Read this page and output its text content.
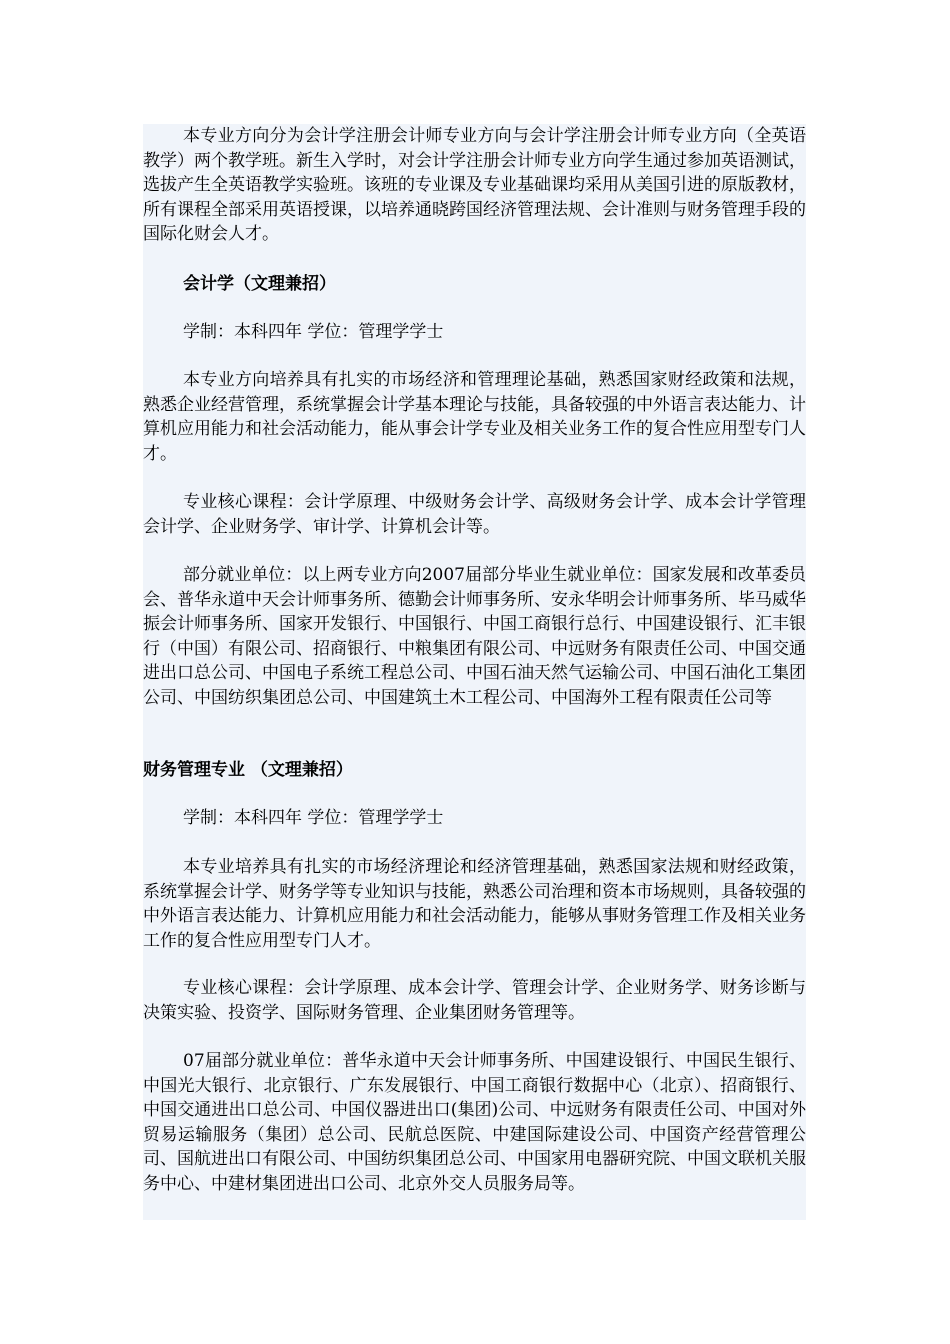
本专业方向分为会计学注册会计师专业方向与会计学注册会计师专业方向（全英语教学）两个教学班。新生入学时，对会计学注册会计师专业方向学生通过参加英语测试，选拔产生全英语教学实验班。该班的专业课及专业基础课均采用从美国引进的原版教材，所有课程全部采用英语授课，以培养通晓跨国经济管理法规、会计准则与财务管理手段的国际化财会人才。

会计学（文理兼招）

学制：本科四年 学位：管理学学士

本专业方向培养具有扎实的市场经济和管理理论基础，熟悉国家财经政策和法规，熟悉企业经营管理，系统掌握会计学基本理论与技能，具备较强的中外语言表达能力、计算机应用能力和社会活动能力，能从事会计学专业及相关业务工作的复合性应用型专门人才。

专业核心课程：会计学原理、中级财务会计学、高级财务会计学、成本会计学管理会计学、企业财务学、审计学、计算机会计等。

部分就业单位：以上两专业方向2007届部分毕业生就业单位：国家发展和改革委员会、普华永道中天会计师事务所、德勤会计师事务所、安永华明会计师事务所、毕马威华振会计师事务所、国家开发银行、中国银行、中国工商银行总行、中国建设银行、汇丰银行（中国）有限公司、招商银行、中粮集团有限公司、中远财务有限责任公司、中国交通进出口总公司、中国电子系统工程总公司、中国石油天然气运输公司、中国石油化工集团公司、中国纺织集团总公司、中国建筑土木工程公司、中国海外工程有限责任公司等

财务管理专业 （文理兼招）

学制：本科四年 学位：管理学学士

本专业培养具有扎实的市场经济理论和经济管理基础，熟悉国家法规和财经政策，系统掌握会计学、财务学等专业知识与技能，熟悉公司治理和资本市场规则，具备较强的中外语言表达能力、计算机应用能力和社会活动能力，能够从事财务管理工作及相关业务工作的复合性应用型专门人才。

专业核心课程：会计学原理、成本会计学、管理会计学、企业财务学、财务诊断与决策实验、投资学、国际财务管理、企业集团财务管理等。

07届部分就业单位：普华永道中天会计师事务所、中国建设银行、中国民生银行、中国光大银行、北京银行、广东发展银行、中国工商银行数据中心（北京）、招商银行、中国交通进出口总公司、中国仪器进出口(集团)公司、中远财务有限责任公司、中国对外贸易运输服务（集团）总公司、民航总医院、中建国际建设公司、中国资产经营管理公司、国航进出口有限公司、中国纺织集团总公司、中国家用电器研究院、中国文联机关服务中心、中建材集团进出口公司、北京外交人员服务局等。
